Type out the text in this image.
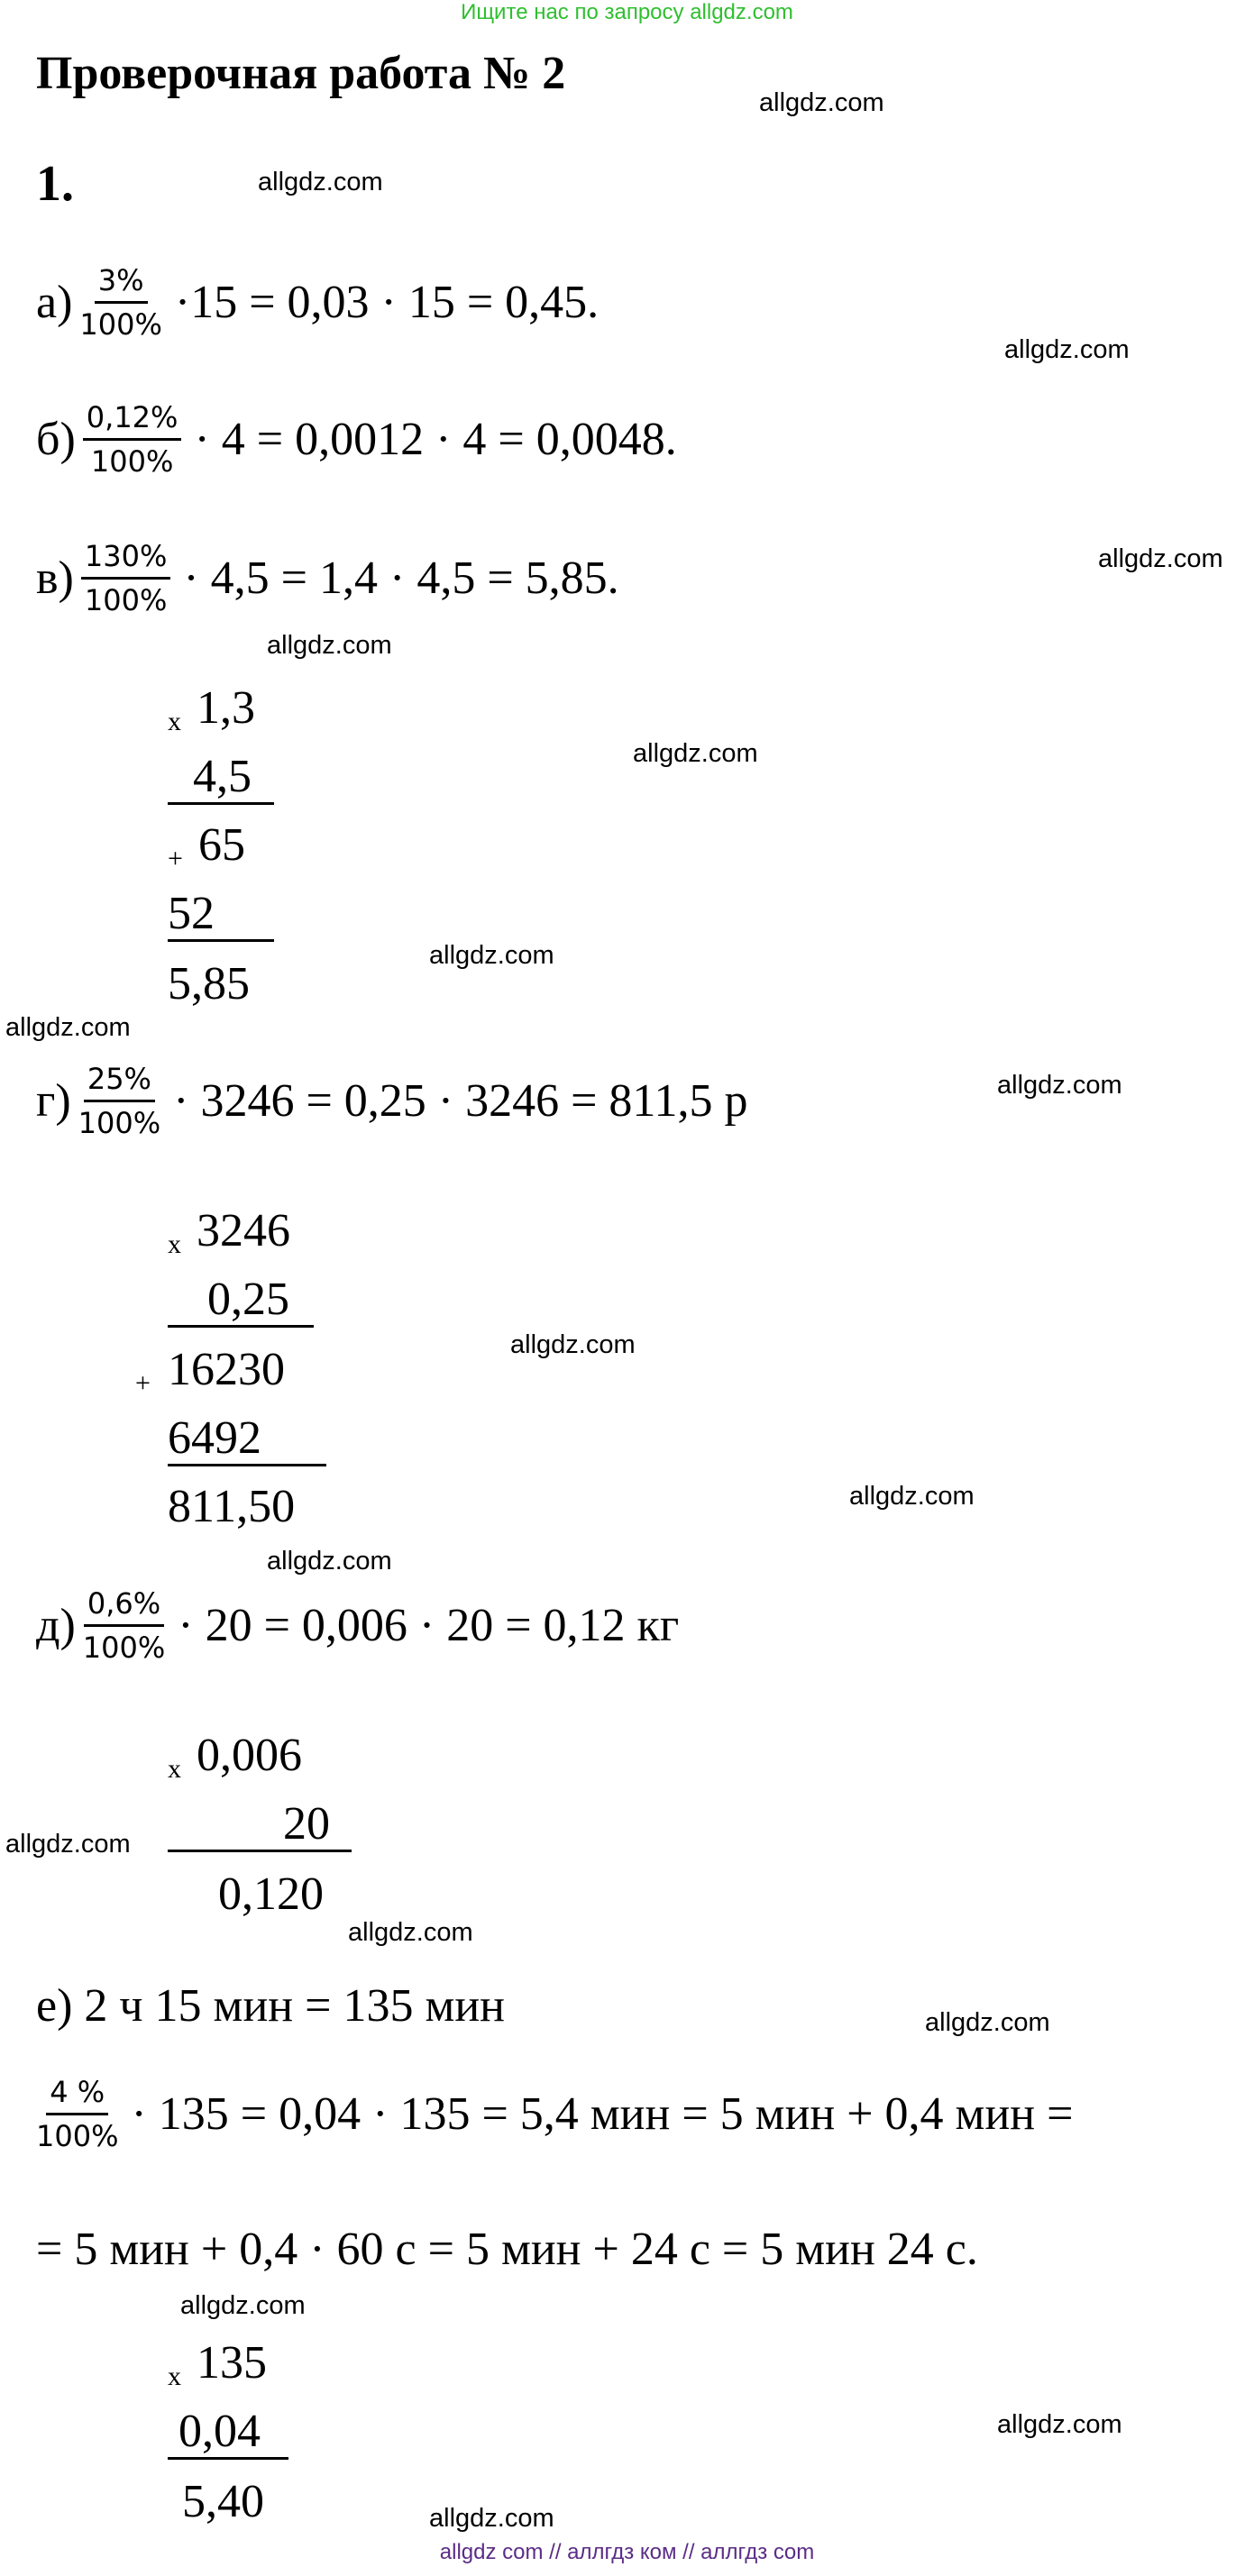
Ищите нас по запросу allgdz.com
Проверочная работа № 2
1.
$а) \frac{3\%}{100\%} \cdot 15 = 0,03 \cdot 15 = 0,45$.
$б) \frac{0,12\%}{100\%} \cdot 4 = 0,0012 \cdot 4 = 0,0048$.
$в) \frac{130\%}{100\%} \cdot 4,5 = 1,4 \cdot 4,5 = 5,85$.
x 1,3
4,5
+ 65
52
5,85
$г) \frac{25\%}{100\%} \cdot 3246 = 0,25 \cdot 3246 = 811,5$ р
x 3246
0,25
+ 16230
6492
811,50
$д) \frac{0,6\%}{100\%} \cdot 20 = 0,006 \cdot 20 = 0,12$ кг
x 0,006
20
0,120
е) 2 ч 15 мин = 135 мин
$\frac{4 \%}{100\%} \cdot 135 = 0,04 \cdot 135 = 5,4$ мин = 5 мин + 0,4 мин =
= 5 мин + 0,4 · 60 с = 5 мин + 24 с = 5 мин 24 с.
x 135
0,04
5,40
allgdz.com
allgdz.com
allgdz.com
allgdz.com
allgdz.com
allgdz.com
allgdz.com
allgdz.com
allgdz.com
allgdz.com
allgdz.com
allgdz.com
allgdz.com
allgdz.com
allgdz.com
allgdz.com
allgdz.com
allgdz.com
allgdz com // аллгдз ком // аллгдз com
